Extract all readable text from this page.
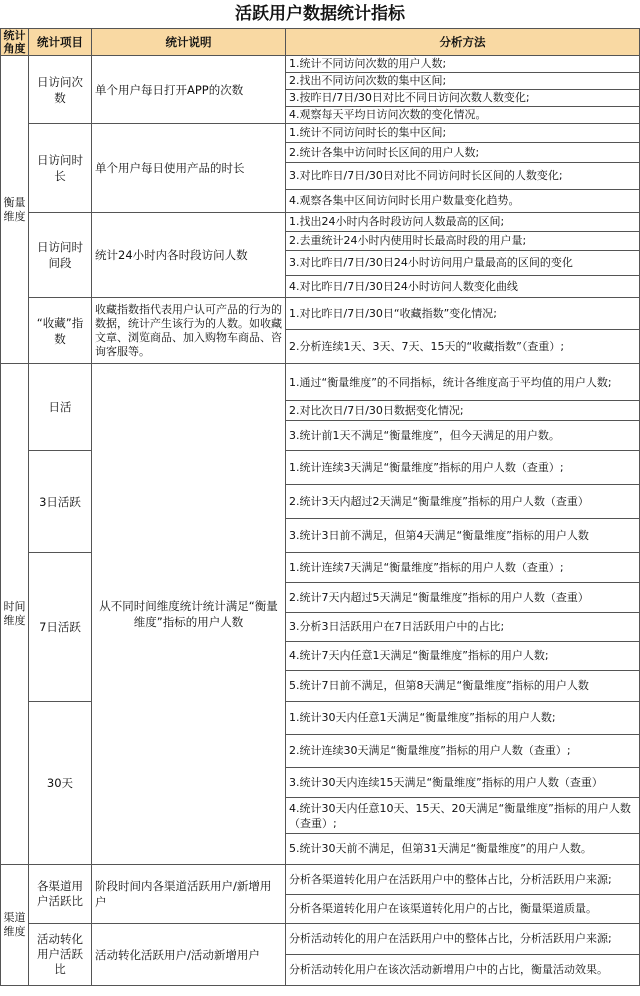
活跃用户数据统计指标
统计角度	统计项目	统计说明	分析方法
衡量维度	日访问次数	单个用户每日打开APP的次数	1.统计不同访问次数的用户人数;
			2.找出不同访问次数的集中区间;
			3.按昨日/7日/30日对比不同日访问次数人数变化;
			4.观察每天平均日访问次数的变化情况。
	日访问时长	单个用户每日使用产品的时长	1.统计不同访问时长的集中区间;
			2.统计各集中访问时长区间的用户人数;
			3.对比昨日/7日/30日对比不同访问时长区间的人数变化;
			4.观察各集中区间访问时长用户数量变化趋势。
	日访问时间段	统计24小时内各时段访问人数	1.找出24小时内各时段访问人数最高的区间;
			2.去重统计24小时内使用时长最高时段的用户量;
			3.对比昨日/7日/30日24小时访问用户量最高的区间的变化
			4.对比昨日/7日/30日24小时访问人数变化曲线
	“收藏”指数	收藏指数指代表用户认可产品的行为的数据，统计产生该行为的人数。如收藏文章、浏览商品、加入购物车商品、咨询客服等。	1.对比昨日/7日/30日“收藏指数”变化情况;
			2.分析连续1天、3天、7天、15天的“收藏指数”（查重）;

时间维度	日活	从不同时间维度统计统计满足“衡量维度”指标的用户人数	1.通过“衡量维度”的不同指标，统计各维度高于平均值的用户人数;
			2.对比次日/7日/30日数据变化情况;
			3.统计前1天不满足“衡量维度”，但今天满足的用户数。
	3日活跃		1.统计连续3天满足“衡量维度”指标的用户人数（查重）;
			2.统计3天内超过2天满足“衡量维度”指标的用户人数（查重）
			3.统计3日前不满足，但第4天满足“衡量维度”指标的用户人数
	7日活跃		1.统计连续7天满足“衡量维度”指标的用户人数（查重）;
			2.统计7天内超过5天满足“衡量维度”指标的用户人数（查重）
			3.分析3日活跃用户在7日活跃用户中的占比;
			4.统计7天内任意1天满足“衡量维度”指标的用户人数;
			5.统计7日前不满足，但第8天满足“衡量维度”指标的用户人数
	30天		1.统计30天内任意1天满足“衡量维度”指标的用户人数;
			2.统计连续30天满足“衡量维度”指标的用户人数（查重）;
			3.统计30天内连续15天满足“衡量维度”指标的用户人数（查重）
			4.统计30天内任意10天、15天、20天满足“衡量维度”指标的用户人数（查重）;
			5.统计30天前不满足，但第31天满足“衡量维度”的用户人数。
渠道维度	各渠道用户活跃比	阶段时间内各渠道活跃用户/新增用户	分析各渠道转化用户在活跃用户中的整体占比，分析活跃用户来源;
			分析各渠道转化用户在该渠道转化用户的占比，衡量渠道质量。
	活动转化用户活跃比	活动转化活跃用户/活动新增用户	分析活动转化的用户在活跃用户中的整体占比，分析活跃用户来源;
			分析活动转化用户在该次活动新增用户中的占比，衡量活动效果。
